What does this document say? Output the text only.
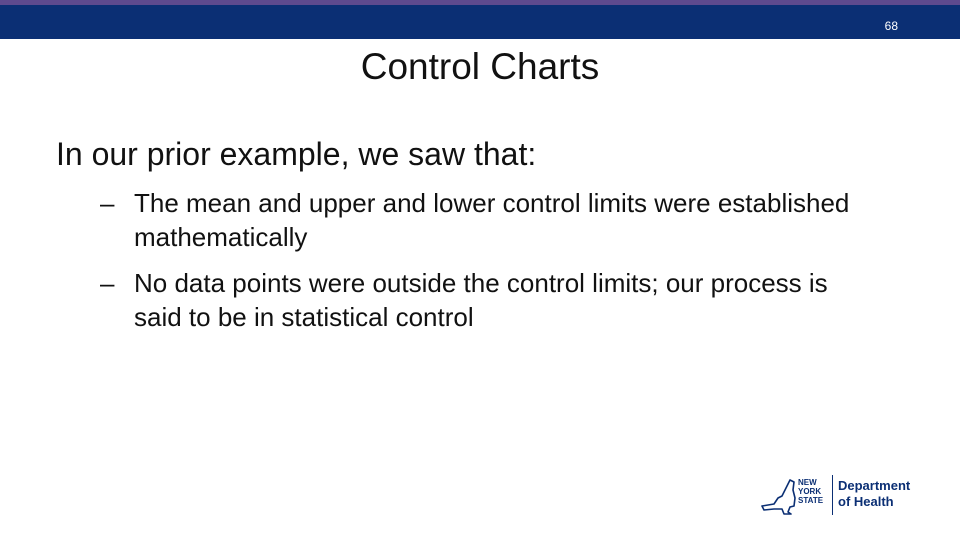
68
Control Charts
In our prior example, we saw that:
– The mean and upper and lower control limits were established mathematically
– No data points were outside the control limits; our process is said to be in statistical control
NEW
YORK
STATE
Department
of Health
